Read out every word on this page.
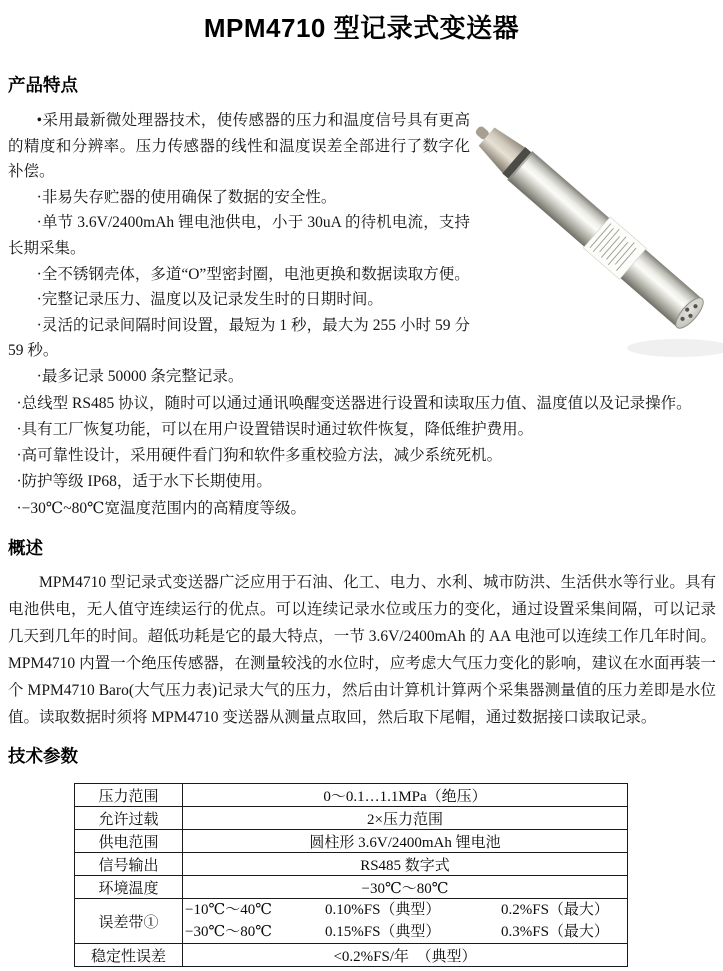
MPM4710 型记录式变送器
产品特点

•采用最新微处理器技术，使传感器的压力和温度信号具有更高的精度和分辨率。压力传感器的线性和温度误差全部进行了数字化补偿。

·非易失存贮器的使用确保了数据的安全性。

·单节 3.6V/2400mAh 锂电池供电，小于 30uA 的待机电流，支持长期采集。

·全不锈钢壳体，多道“O”型密封圈，电池更换和数据读取方便。

·完整记录压力、温度以及记录发生时的日期时间。

·灵活的记录间隔时间设置，最短为 1 秒，最大为 255 小时 59 分 59 秒。

·最多记录 50000 条完整记录。

·总线型 RS485 协议，随时可以通过通讯唤醒变送器进行设置和读取压力值、温度值以及记录操作。

·具有工厂恢复功能，可以在用户设置错误时通过软件恢复，降低维护费用。

·高可靠性设计，采用硬件看门狗和软件多重校验方法，减少系统死机。

·防护等级 IP68，适于水下长期使用。

·−30℃~80℃宽温度范围内的高精度等级。

概述

MPM4710 型记录式变送器广泛应用于石油、化工、电力、水利、城市防洪、生活供水等行业。具有电池供电，无人值守连续运行的优点。可以连续记录水位或压力的变化，通过设置采集间隔，可以记录几天到几年的时间。超低功耗是它的最大特点，一节 3.6V/2400mAh 的 AA 电池可以连续工作几年时间。MPM4710 内置一个绝压传感器，在测量较浅的水位时，应考虑大气压力变化的影响，建议在水面再装一个 MPM4710 Baro(大气压力表)记录大气的压力，然后由计算机计算两个采集器测量值的压力差即是水位值。读取数据时须将 MPM4710 变送器从测量点取回，然后取下尾帽，通过数据接口读取记录。

技术参数
压力范围	0～0.1…1.1MPa（绝压）
允许过载	2×压力范围
供电范围	圆柱形 3.6V/2400mAh 锂电池
信号输出	RS485 数字式
环境温度	−30℃～80℃
误差带①	
−10℃～40℃	0.10%FS（典型）	0.2%FS（最大）
−30℃～80℃	0.15%FS（典型）	0.3%FS（最大）

稳定性误差	<0.2%FS/年　（典型）
